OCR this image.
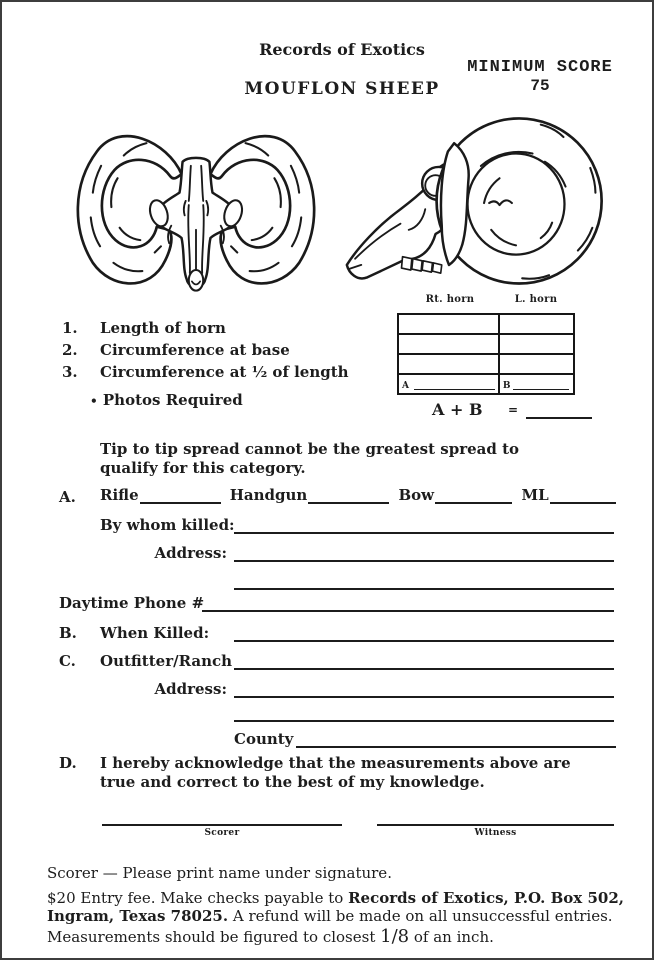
Records of Exotics
MINIMUM SCORE
75
MOUFLON SHEEP
Rt. horn	L. horn
A	B
A + B =
1. Length of horn
2. Circumference at base
3. Circumference at ½ of length
• Photos Required
Tip to tip spread cannot be the greatest spread to qualify for this category.
A. Rifle	Handgun	Bow	ML
By whom killed:
Address:
Daytime Phone #
B. When Killed:
C. Outfitter/Ranch
Address:
County
D. I hereby acknowledge that the measurements above are true and correct to the best of my knowledge.
Scorer	Witness
Scorer — Please print name under signature.
$20 Entry fee. Make checks payable to Records of Exotics, P.O. Box 502,
Ingram, Texas 78025. A refund will be made on all unsuccessful entries.
Measurements should be figured to closest 1/8 of an inch.
